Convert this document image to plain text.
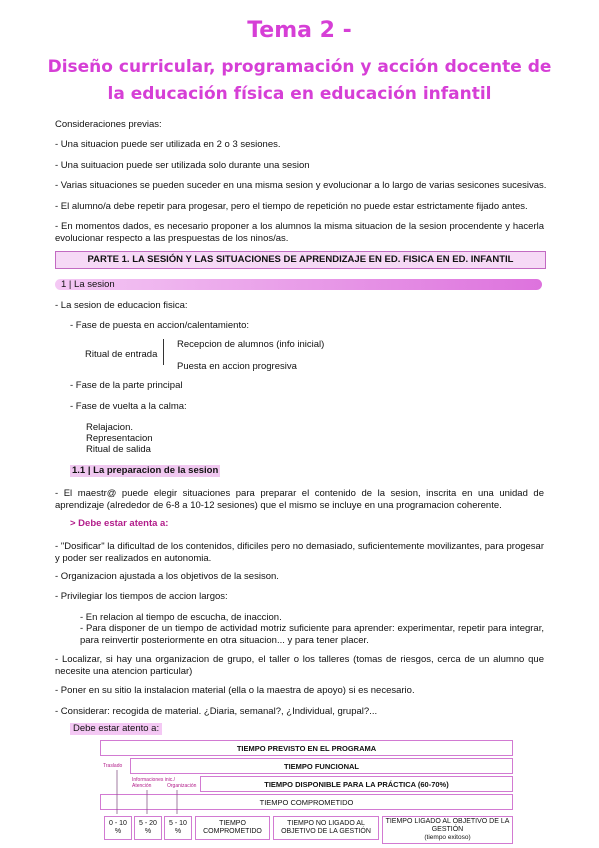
Tema 2 -
Diseño curricular, programación y acción docente de
la educación física en educación infantil
Consideraciones previas:
- Una situacion puede ser utilizada en 2 o 3 sesiones.
- Una suituacion puede ser utilizada solo durante una sesion
- Varias situaciones se pueden suceder en una misma sesion y evolucionar a lo largo de varias sesicones sucesivas.
- El alumno/a debe repetir para progesar, pero el tiempo de repetición no puede estar estrictamente fijado antes.
- En momentos dados, es necesario proponer a los alumnos la misma situacion de la sesion procendente y hacerla evolucionar respecto a las prespuestas de los ninos/as.
PARTE 1. LA SESIÓN Y LAS SITUACIONES DE APRENDIZAJE EN ED. FISICA EN ED. INFANTIL
1 | La sesion
- La sesion de educacion fisica:
- Fase de puesta en accion/calentamiento:
Ritual de entrada
Recepcion de alumnos (info inicial)
Puesta en accion progresiva
- Fase de la parte principal
- Fase de vuelta a la calma:
Relajacion.
Representacion
Ritual de salida
1.1 | La preparacion de la sesion
- El maestr@ puede elegir situaciones para preparar el contenido de la sesion, inscrita en una unidad de aprendizaje (alrededor de 6-8 a 10-12 sesiones) que el mismo se incluye en una programacion coherente.
> Debe estar atenta a:
- "Dosificar" la dificultad de los contenidos, dificiles pero no demasiado, suficientemente movilizantes, para progesar y poder ser realizados en autonomia.
- Organizacion ajustada a los objetivos de la sesison.
- Privilegiar los tiempos de accion largos:
- En relacion al tiempo de escucha, de inaccion.
- Para disponer de un tiempo de actividad motriz suficiente para aprender: experimentar, repetir para integrar, para reinvertir posteriormente en otra situacion... y para tener placer.
- Localizar, si hay una organizacion de grupo, el taller o los talleres (tomas de riesgos, cerca de un alumno que necesite una atencion particular)
- Poner en su sitio la instalacion material (ella o la maestra de apoyo) si es necesario.
- Considerar: recogida de material. ¿Diaria, semanal?, ¿Individual, grupal?...
Debe estar atento a:
TIEMPO PREVISTO EN EL PROGRAMA
TIEMPO FUNCIONAL
TIEMPO DISPONIBLE PARA LA PRÁCTICA (60-70%)
TIEMPO COMPROMETIDO
Traslado
Informaciones inic./ Atención	Organización
0 - 10 %
5 - 20 %
5 - 10 %
TIEMPO COMPROMETIDO
TIEMPO NO LIGADO AL OBJETIVO DE LA GESTIÓN
TIEMPO LIGADO AL OBJETIVO DE LA GESTIÓN
(tiempo exitoso)
